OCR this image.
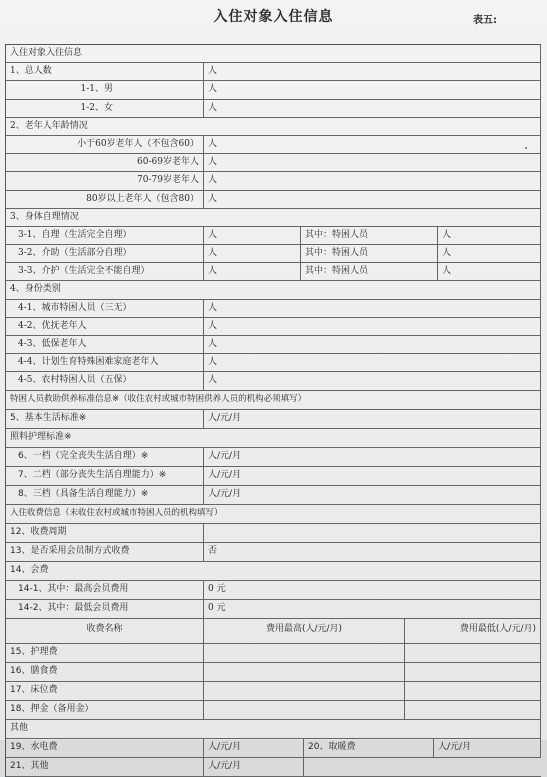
入住对象入住信息	表五:
入住对象入住信息
1、总人数	人
1-1、男	人
1-2、女	人
2、老年人年龄情况
小于60岁老年人（不包含60）	人
60-69岁老年人	人
70-79岁老年人	人
80岁以上老年人（包含80）	人
3、身体自理情况
3-1、自理（生活完全自理）	人	其中：特困人员	人
3-2、介助（生活部分自理）	人	其中：特困人员	人
3-3、介护（生活完全不能自理）	人	其中：特困人员	人
4、身份类别
4-1、城市特困人员（三无）	人
4-2、优抚老年人	人
4-3、低保老年人	人
4-4、计划生育特殊困难家庭老年人	人
4-5、农村特困人员（五保）	人
特困人员救助供养标准信息※（收住农村或城市特困供养人员的机构必须填写）
5、基本生活标准※	人/元/月
照料护理标准※
6、一档（完全丧失生活自理）※	人/元/月
7、二档（部分丧失生活自理能力）※	人/元/月
8、三档（具备生活自理能力）※	人/元/月
入住收费信息（未收住农村或城市特困人员的机构填写）
12、收费周期
13、是否采用会员制方式收费	否
14、会费
14-1、其中：最高会员费用	0 元
14-2、其中：最低会员费用	0 元
收费名称	费用最高(人/元/月)	费用最低(人/元/月)
15、护理费
16、膳食费
17、床位费
18、押金（备用金）
其他
19、水电费	人/元/月	20、取暖费	人/元/月
21、其他	人/元/月
